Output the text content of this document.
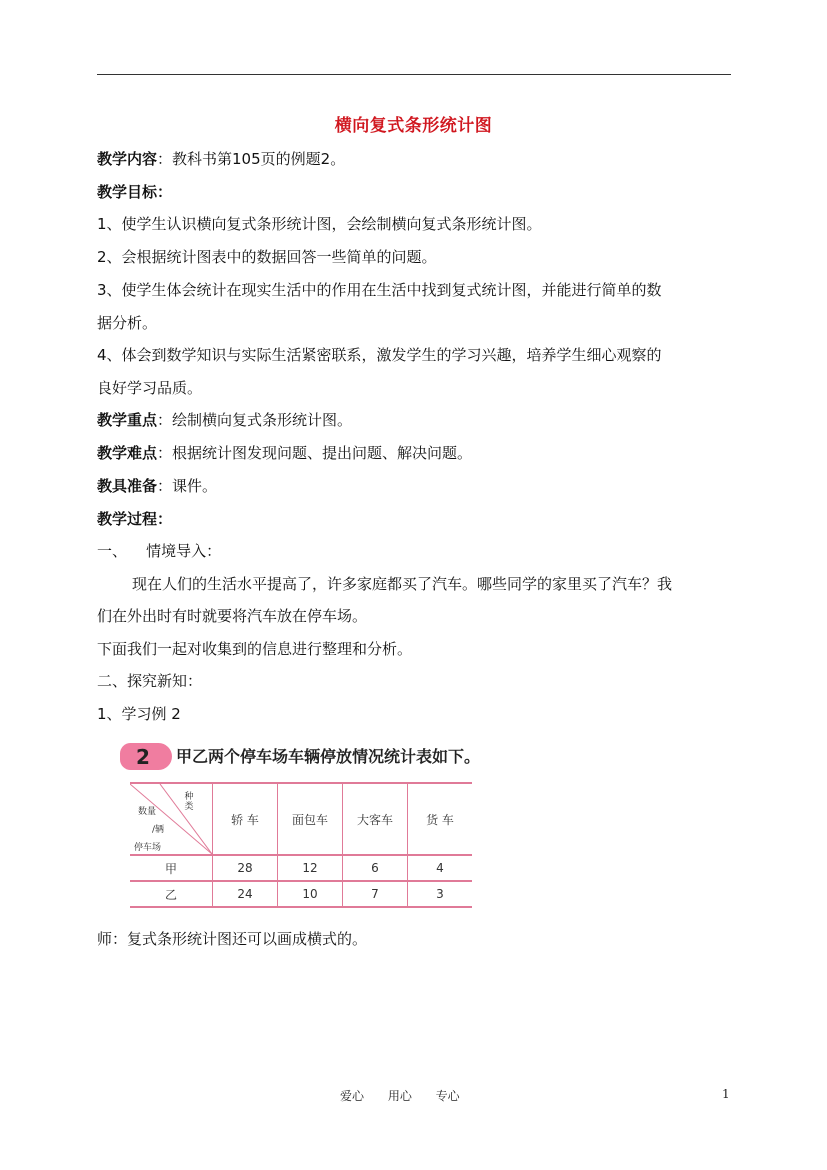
横向复式条形统计图
教学内容：教科书第105页的例题2。
教学目标：
1、使学生认识横向复式条形统计图，会绘制横向复式条形统计图。
2、会根据统计图表中的数据回答一些简单的问题。
3、使学生体会统计在现实生活中的作用在生活中找到复式统计图，并能进行简单的数
据分析。
4、体会到数学知识与实际生活紧密联系，激发学生的学习兴趣，培养学生细心观察的
良好学习品质。
教学重点：绘制横向复式条形统计图。
教学难点：根据统计图发现问题、提出问题、解决问题。
教具准备：课件。
教学过程：
一、    情境导入：
现在人们的生活水平提高了，许多家庭都买了汽车。哪些同学的家里买了汽车？我
们在外出时有时就要将汽车放在停车场。
下面我们一起对收集到的信息进行整理和分析。
二、探究新知：
1、学习例 2
2 甲乙两个停车场车辆停放情况统计表如下。
种类
数量
/辆
停车场	轿 车	面包车	大客车	货 车
甲	28	12	6	4
乙	24	10	7	3
师：复式条形统计图还可以画成横式的。
爱心 用心 专心	1
